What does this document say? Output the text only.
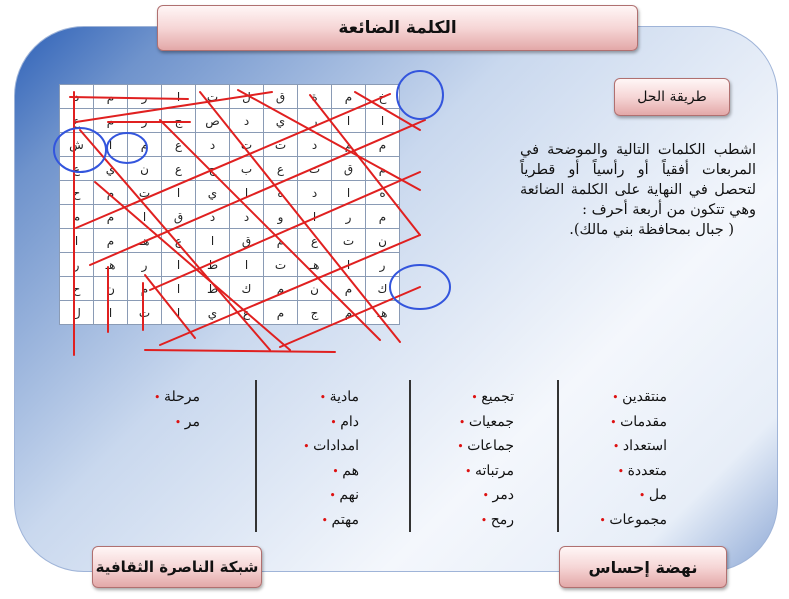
الكلمة الضائعة
طريقة الحل
د	م	ر	ا	ت	ل	ق	ة	م	خ
ع	م	ر	ج	ص	د	ي	ر	ا	ا
ش	ا	م	ع	د	ت	ت	د	م	م
ع	ي	ن	ع	ح	ب	ع	ت	ق	م
ح	م	ت	ا	ي	ا	ه	د	ا	ه
م	م	ا	ق	د	د	و	ا	ر	م
ا	م	هـ	ع	ا	ق	م	ع	ت	ن
ر	هـ	ر	ا	ط	ا	ت	هـ	ا	ر
ح	ن	م	ا	ط	ك	م	ن	م	ك
ل	ا	ت	ا	ي	ع	م	ج	م	هـ
اشطب الكلمات التالية والموضحة في المربعات أفقياً أو رأسياً أو قطرياً لتحصل في النهاية على الكلمة الضائعة وهي تتكون من أربعة أحرف :
( جبال بمحافظة بني مالك).
منتقدين •
مقدمات •
استعداد •
متعددة •
مل •
مجموعات •
تجميع •
جمعيات •
جماعات •
مرتباته •
دمر •
رمح •
مادية •
دام •
امدادات •
هم •
نهم •
مهتم •
مرحلة •
مر •
نهضة إحساس
شبكة الناصرة الثقافية
